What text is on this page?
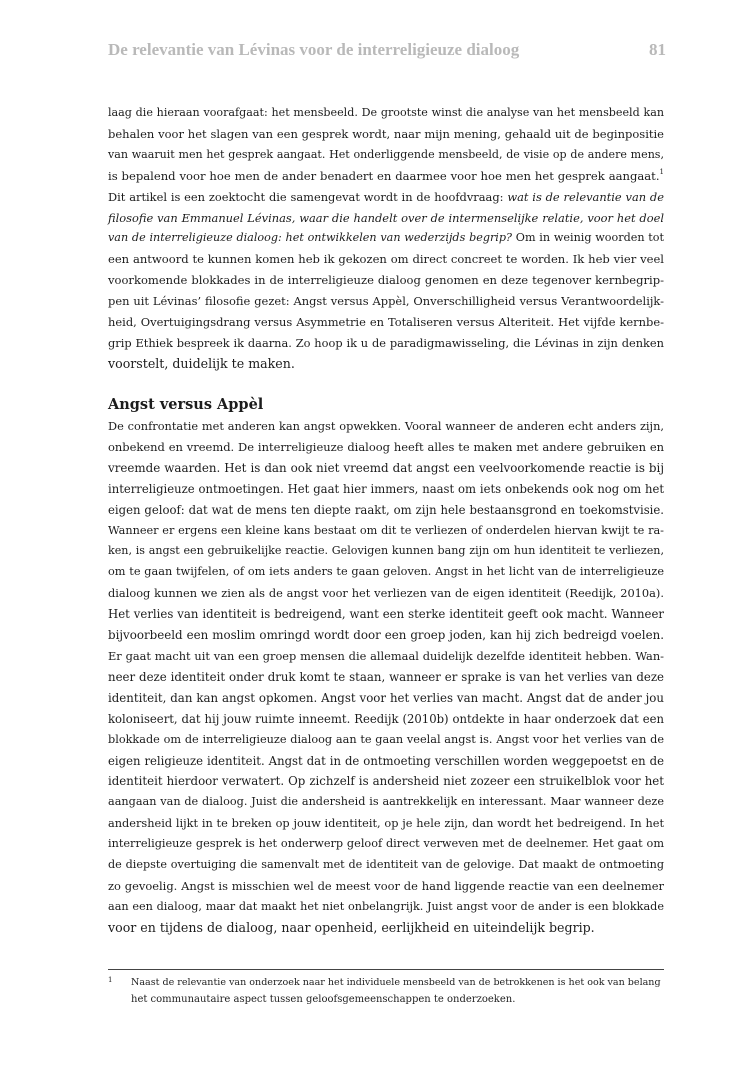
De relevantie van Lévinas voor de interreligieuze dialoog	81
laag die hieraan voorafgaat: het mensbeeld. De grootste winst die analyse van het mensbeeld kan
behalen voor het slagen van een gesprek wordt, naar mijn mening, gehaald uit de beginpositie
van waaruit men het gesprek aangaat. Het onderliggende mensbeeld, de visie op de andere mens,
is bepalend voor hoe men de ander benadert en daarmee voor hoe men het gesprek aangaat.$^1$
Dit artikel is een zoektocht die samengevat wordt in de hoofdvraag: wat is de relevantie van de
filosofie van Emmanuel Lévinas, waar die handelt over de intermenselijke relatie, voor het doel
van de interreligieuze dialoog: het ontwikkelen van wederzijds begrip? Om in weinig woorden tot
een antwoord te kunnen komen heb ik gekozen om direct concreet te worden. Ik heb vier veel
voorkomende blokkades in de interreligieuze dialoog genomen en deze tegenover kernbegrip-
pen uit Lévinas’ filosofie gezet: Angst versus Appèl, Onverschilligheid versus Verantwoordelijk-
heid, Overtuigingsdrang versus Asymmetrie en Totaliseren versus Alteriteit. Het vijfde kernbe-
grip Ethiek bespreek ik daarna. Zo hoop ik u de paradigmawisseling, die Lévinas in zijn denken
voorstelt, duidelijk te maken.
Angst versus Appèl
De confrontatie met anderen kan angst opwekken. Vooral wanneer de anderen echt anders zijn,
onbekend en vreemd. De interreligieuze dialoog heeft alles te maken met andere gebruiken en
vreemde waarden. Het is dan ook niet vreemd dat angst een veelvoorkomende reactie is bij
interreligieuze ontmoetingen. Het gaat hier immers, naast om iets onbekends ook nog om het
eigen geloof: dat wat de mens ten diepte raakt, om zijn hele bestaansgrond en toekomstvisie.
Wanneer er ergens een kleine kans bestaat om dit te verliezen of onderdelen hiervan kwijt te ra-
ken, is angst een gebruikelijke reactie. Gelovigen kunnen bang zijn om hun identiteit te verliezen,
om te gaan twijfelen, of om iets anders te gaan geloven. Angst in het licht van de interreligieuze
dialoog kunnen we zien als de angst voor het verliezen van de eigen identiteit (Reedijk, 2010a).
Het verlies van identiteit is bedreigend, want een sterke identiteit geeft ook macht. Wanneer
bijvoorbeeld een moslim omringd wordt door een groep joden, kan hij zich bedreigd voelen.
Er gaat macht uit van een groep mensen die allemaal duidelijk dezelfde identiteit hebben. Wan-
neer deze identiteit onder druk komt te staan, wanneer er sprake is van het verlies van deze
identiteit, dan kan angst opkomen. Angst voor het verlies van macht. Angst dat de ander jou
koloniseert, dat hij jouw ruimte inneemt. Reedijk (2010b) ontdekte in haar onderzoek dat een
blokkade om de interreligieuze dialoog aan te gaan veelal angst is. Angst voor het verlies van de
eigen religieuze identiteit. Angst dat in de ontmoeting verschillen worden weggepoetst en de
identiteit hierdoor verwatert. Op zichzelf is andersheid niet zozeer een struikelblok voor het
aangaan van de dialoog. Juist die andersheid is aantrekkelijk en interessant. Maar wanneer deze
andersheid lijkt in te breken op jouw identiteit, op je hele zijn, dan wordt het bedreigend. In het
interreligieuze gesprek is het onderwerp geloof direct verweven met de deelnemer. Het gaat om
de diepste overtuiging die samenvalt met de identiteit van de gelovige. Dat maakt de ontmoeting
zo gevoelig. Angst is misschien wel de meest voor de hand liggende reactie van een deelnemer
aan een dialoog, maar dat maakt het niet onbelangrijk. Juist angst voor de ander is een blokkade
voor en tijdens de dialoog, naar openheid, eerlijkheid en uiteindelijk begrip.
1 Naast de relevantie van onderzoek naar het individuele mensbeeld van de betrokkenen is het ook van belang
het communautaire aspect tussen geloofsgemeenschappen te onderzoeken.
